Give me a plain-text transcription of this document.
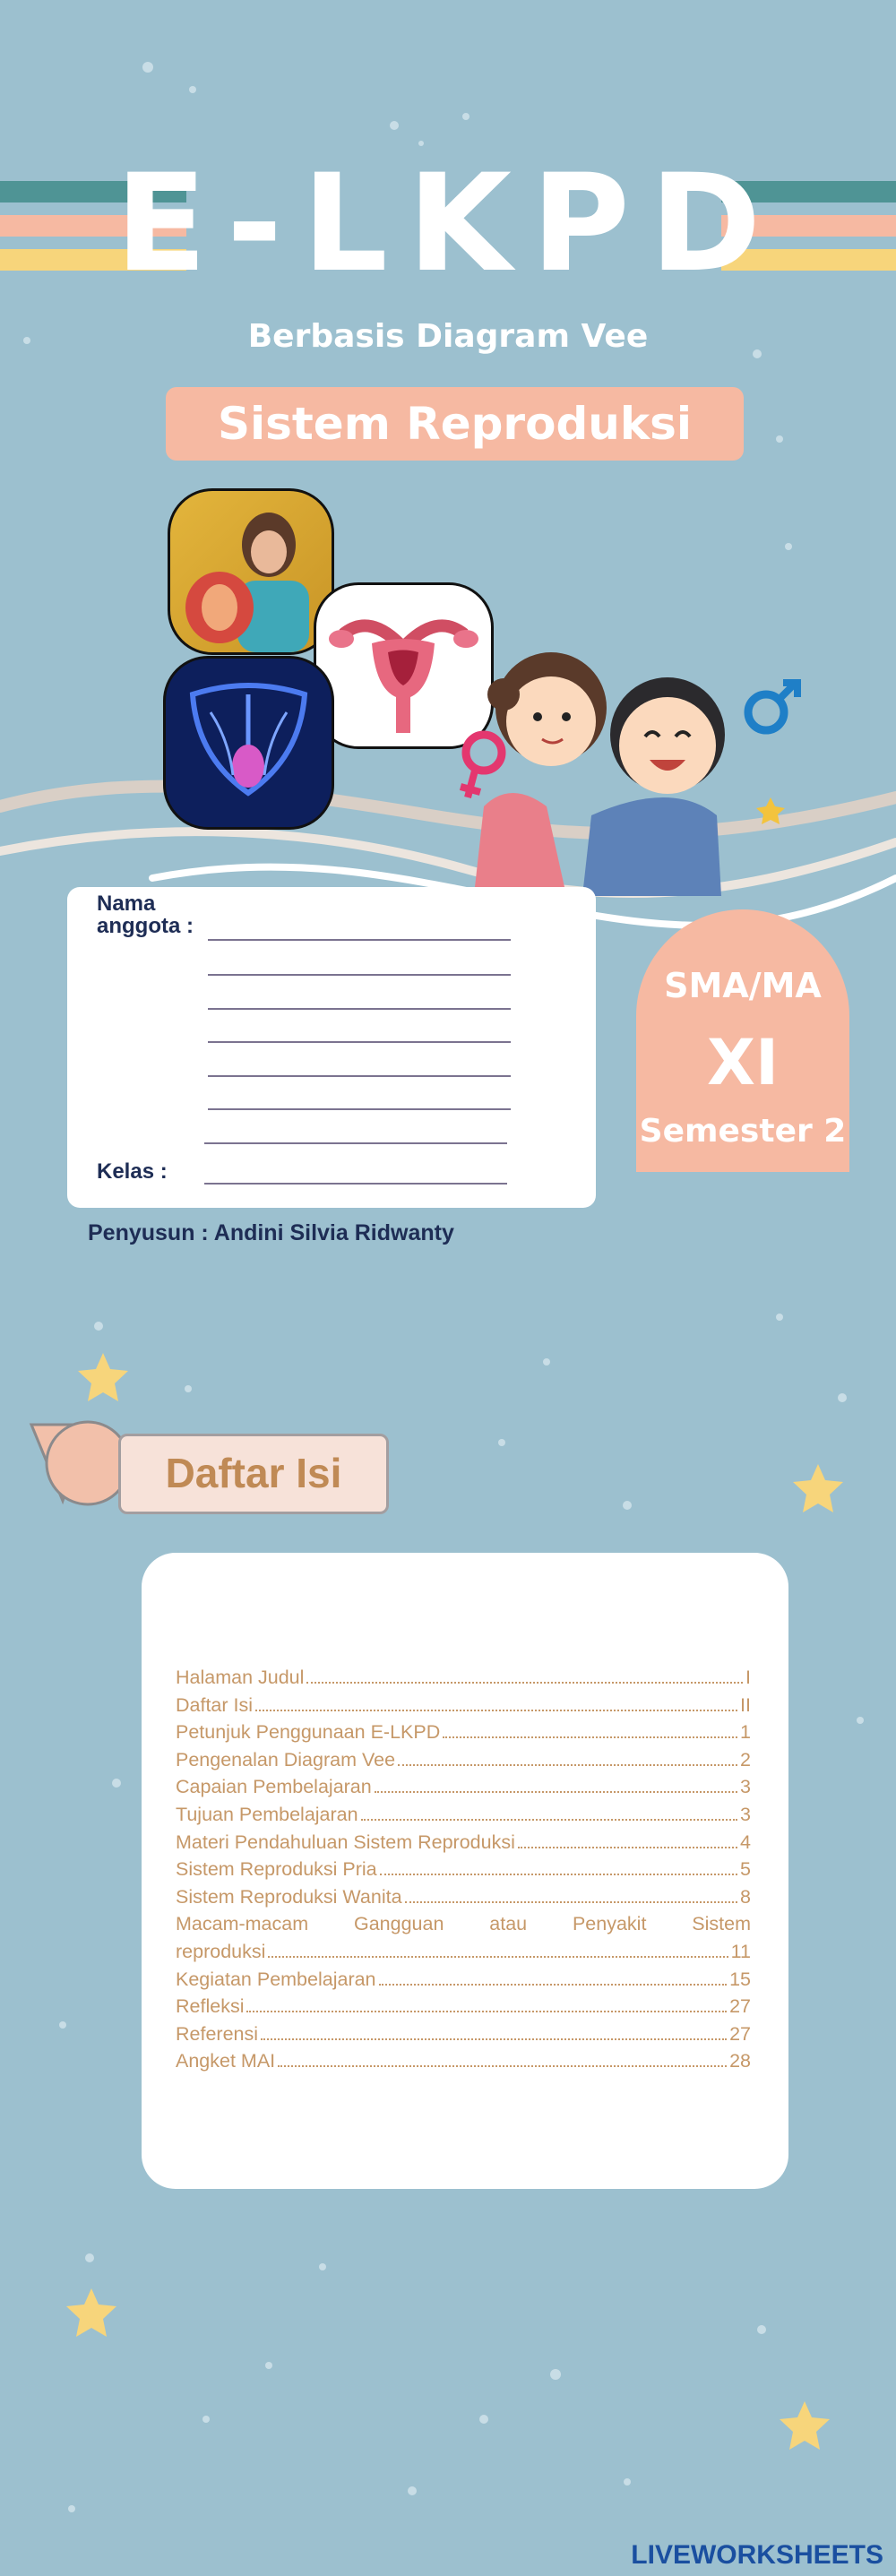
E-LKPD
Berbasis Diagram Vee
Sistem Reproduksi
Nama
anggota :
Kelas :
SMA/MA
XI
Semester 2
Penyusun : Andini Silvia Ridwanty
Daftar Isi
Halaman Judul	I
Daftar Isi	II
Petunjuk Penggunaan E-LKPD	1
Pengenalan Diagram Vee	2
Capaian Pembelajaran	3
Tujuan Pembelajaran	3
Materi Pendahuluan Sistem Reproduksi	4
Sistem Reproduksi Pria	5
Sistem Reproduksi Wanita	8
Macam-macam Gangguan atau Penyakit Sistem
reproduksi	11
Kegiatan Pembelajaran	15
Refleksi	27
Referensi	27
Angket MAI	28
LIVEWORKSHEETS
